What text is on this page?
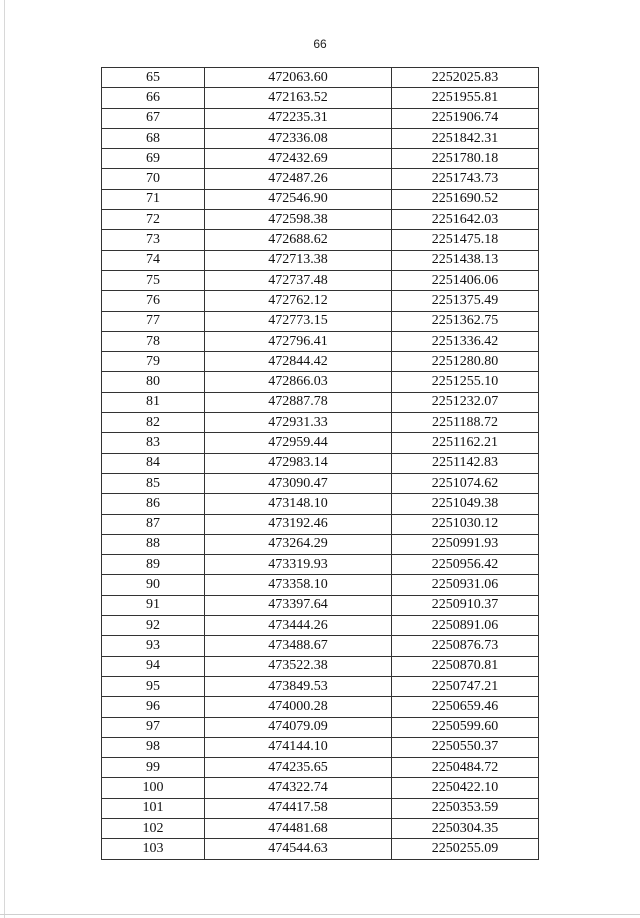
66
65	472063.60	2252025.83
66	472163.52	2251955.81
67	472235.31	2251906.74
68	472336.08	2251842.31
69	472432.69	2251780.18
70	472487.26	2251743.73
71	472546.90	2251690.52
72	472598.38	2251642.03
73	472688.62	2251475.18
74	472713.38	2251438.13
75	472737.48	2251406.06
76	472762.12	2251375.49
77	472773.15	2251362.75
78	472796.41	2251336.42
79	472844.42	2251280.80
80	472866.03	2251255.10
81	472887.78	2251232.07
82	472931.33	2251188.72
83	472959.44	2251162.21
84	472983.14	2251142.83
85	473090.47	2251074.62
86	473148.10	2251049.38
87	473192.46	2251030.12
88	473264.29	2250991.93
89	473319.93	2250956.42
90	473358.10	2250931.06
91	473397.64	2250910.37
92	473444.26	2250891.06
93	473488.67	2250876.73
94	473522.38	2250870.81
95	473849.53	2250747.21
96	474000.28	2250659.46
97	474079.09	2250599.60
98	474144.10	2250550.37
99	474235.65	2250484.72
100	474322.74	2250422.10
101	474417.58	2250353.59
102	474481.68	2250304.35
103	474544.63	2250255.09
